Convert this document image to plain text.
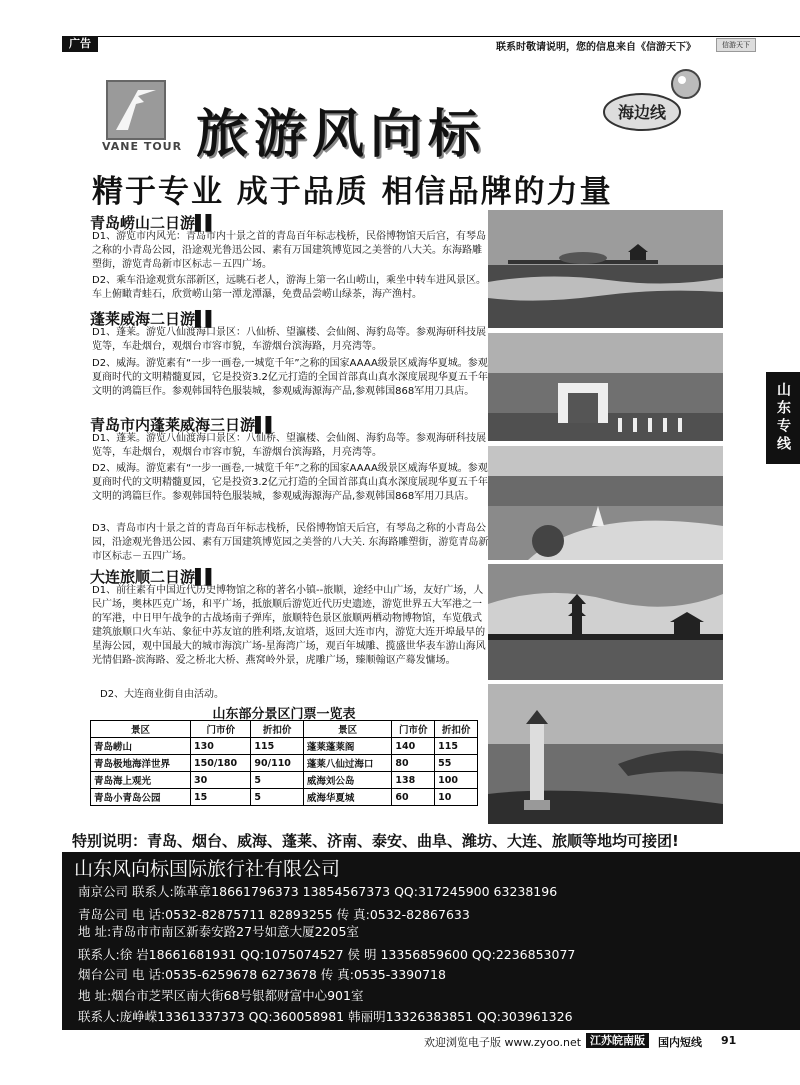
广告	联系时敬请说明，您的信息来自《信游天下》	信游天下
VANE TOUR 旅游风向标	海边线
精于专业 成于品质 相信品牌的力量
山东专线
青岛崂山二日游▌▌
D1、游览市内风光：青岛市内十景之首的青岛百年标志栈桥，民俗博物馆天后宫，有琴岛之称的小青岛公园，沿途观光鲁迅公园、素有万国建筑博览园之美誉的八大关。东海路雕塑街，游览青岛新市区标志－五四广场。
D2、乘车沿途观赏东部新区，远眺石老人，游海上第一名山崂山，乘坐中转车进风景区。车上俯瞰青蛙石，欣赏崂山第一潭龙潭瀑，免费品尝崂山绿茶，海产渔村。
蓬莱威海二日游▌▌
D1、蓬莱。游览八仙渡海口景区：八仙桥、望瀛楼、会仙阁、海豹岛等。参观海研科技展览等，车赴烟台，观烟台市容市貌，车游烟台滨海路，月亮湾等。
D2、威海。游览素有“一步一画卷,一城览千年”之称的国家AAAA级景区威海华夏城。参观夏商时代的文明精髓夏园，它是投资3.2亿元打造的全国首部真山真水深度展现华夏五千年文明的鸿篇巨作。参观韩国特色服装城，参观威海源海产品,参观韩国868军用刀具店。
青岛市内蓬莱威海三日游▌▌
D1、蓬莱。游览八仙渡海口景区：八仙桥、望瀛楼、会仙阁、海豹岛等。参观海研科技展览等，车赴烟台，观烟台市容市貌，车游烟台滨海路，月亮湾等。
D2、威海。游览素有“一步一画卷,一城览千年”之称的国家AAAA级景区威海华夏城。参观夏商时代的文明精髓夏园，它是投资3.2亿元打造的全国首部真山真水深度展现华夏五千年文明的鸿篇巨作。参观韩国特色服装城，参观威海源海产品,参观韩国868军用刀具店。
D3、青岛市内十景之首的青岛百年标志栈桥，民俗博物馆天后宫，有琴岛之称的小青岛公园，沿途观光鲁迅公园、素有万国建筑博览园之美誉的八大关. 东海路雕塑街，游览青岛新市区标志－五四广场。
大连旅顺二日游▌▌
D1、前往素有中国近代历史博物馆之称的著名小镇--旅顺，途经中山广场，友好广场，人民广场，奥林匹克广场，和平广场，抵旅顺后游览近代历史遗迹，游览世界五大军港之一的军港，中日甲午战争的古战场南子弹库，旅顺特色景区旅顺两栖动物博物馆，车览俄式建筑旅顺口火车站、象征中苏友谊的胜利塔,友谊塔，返回大连市内，游览大连开埠最早的星海公园，观中国最大的城市海滨广场-星海湾广场，观百年城雕、揽盛世华表车游山海风光情侣路-滨海路、爱之桥北大桥、燕窝岭外景，虎雕广场，臻顺翰讴产蓦发慵场。
D2、大连商业街自由活动。
山东部分景区门票一览表
景区	门市价	折扣价	景区	门市价	折扣价
青岛崂山	130	115	蓬莱蓬莱阁	140	115
青岛极地海洋世界	150/180	90/110	蓬莱八仙过海口	80	55
青岛海上观光	30	5	威海刘公岛	138	100
青岛小青岛公园	15	5	威海华夏城	60	10
特别说明：青岛、烟台、威海、蓬莱、济南、泰安、曲阜、潍坊、大连、旅顺等地均可接团!
山东风向标国际旅行社有限公司
南京公司 联系人:陈革章18661796373 13854567373 QQ:317245900 63238196
青岛公司 电 话:0532-82875711 82893255 传 真:0532-82867633
地 址:青岛市市南区新泰安路27号如意大厦2205室
联系人:徐 岩18661681931 QQ:1075074527 侯 明 13356859600 QQ:2236853077
烟台公司 电 话:0535-6259678 6273678 传 真:0535-3390718
地 址:烟台市芝罘区南大街68号银都财富中心901室
联系人:庞峥嵘13361337373 QQ:360058981 韩丽明13326383851 QQ:303961326
欢迎浏览电子版 www.zyoo.net 江苏皖南版	国内短线 91
